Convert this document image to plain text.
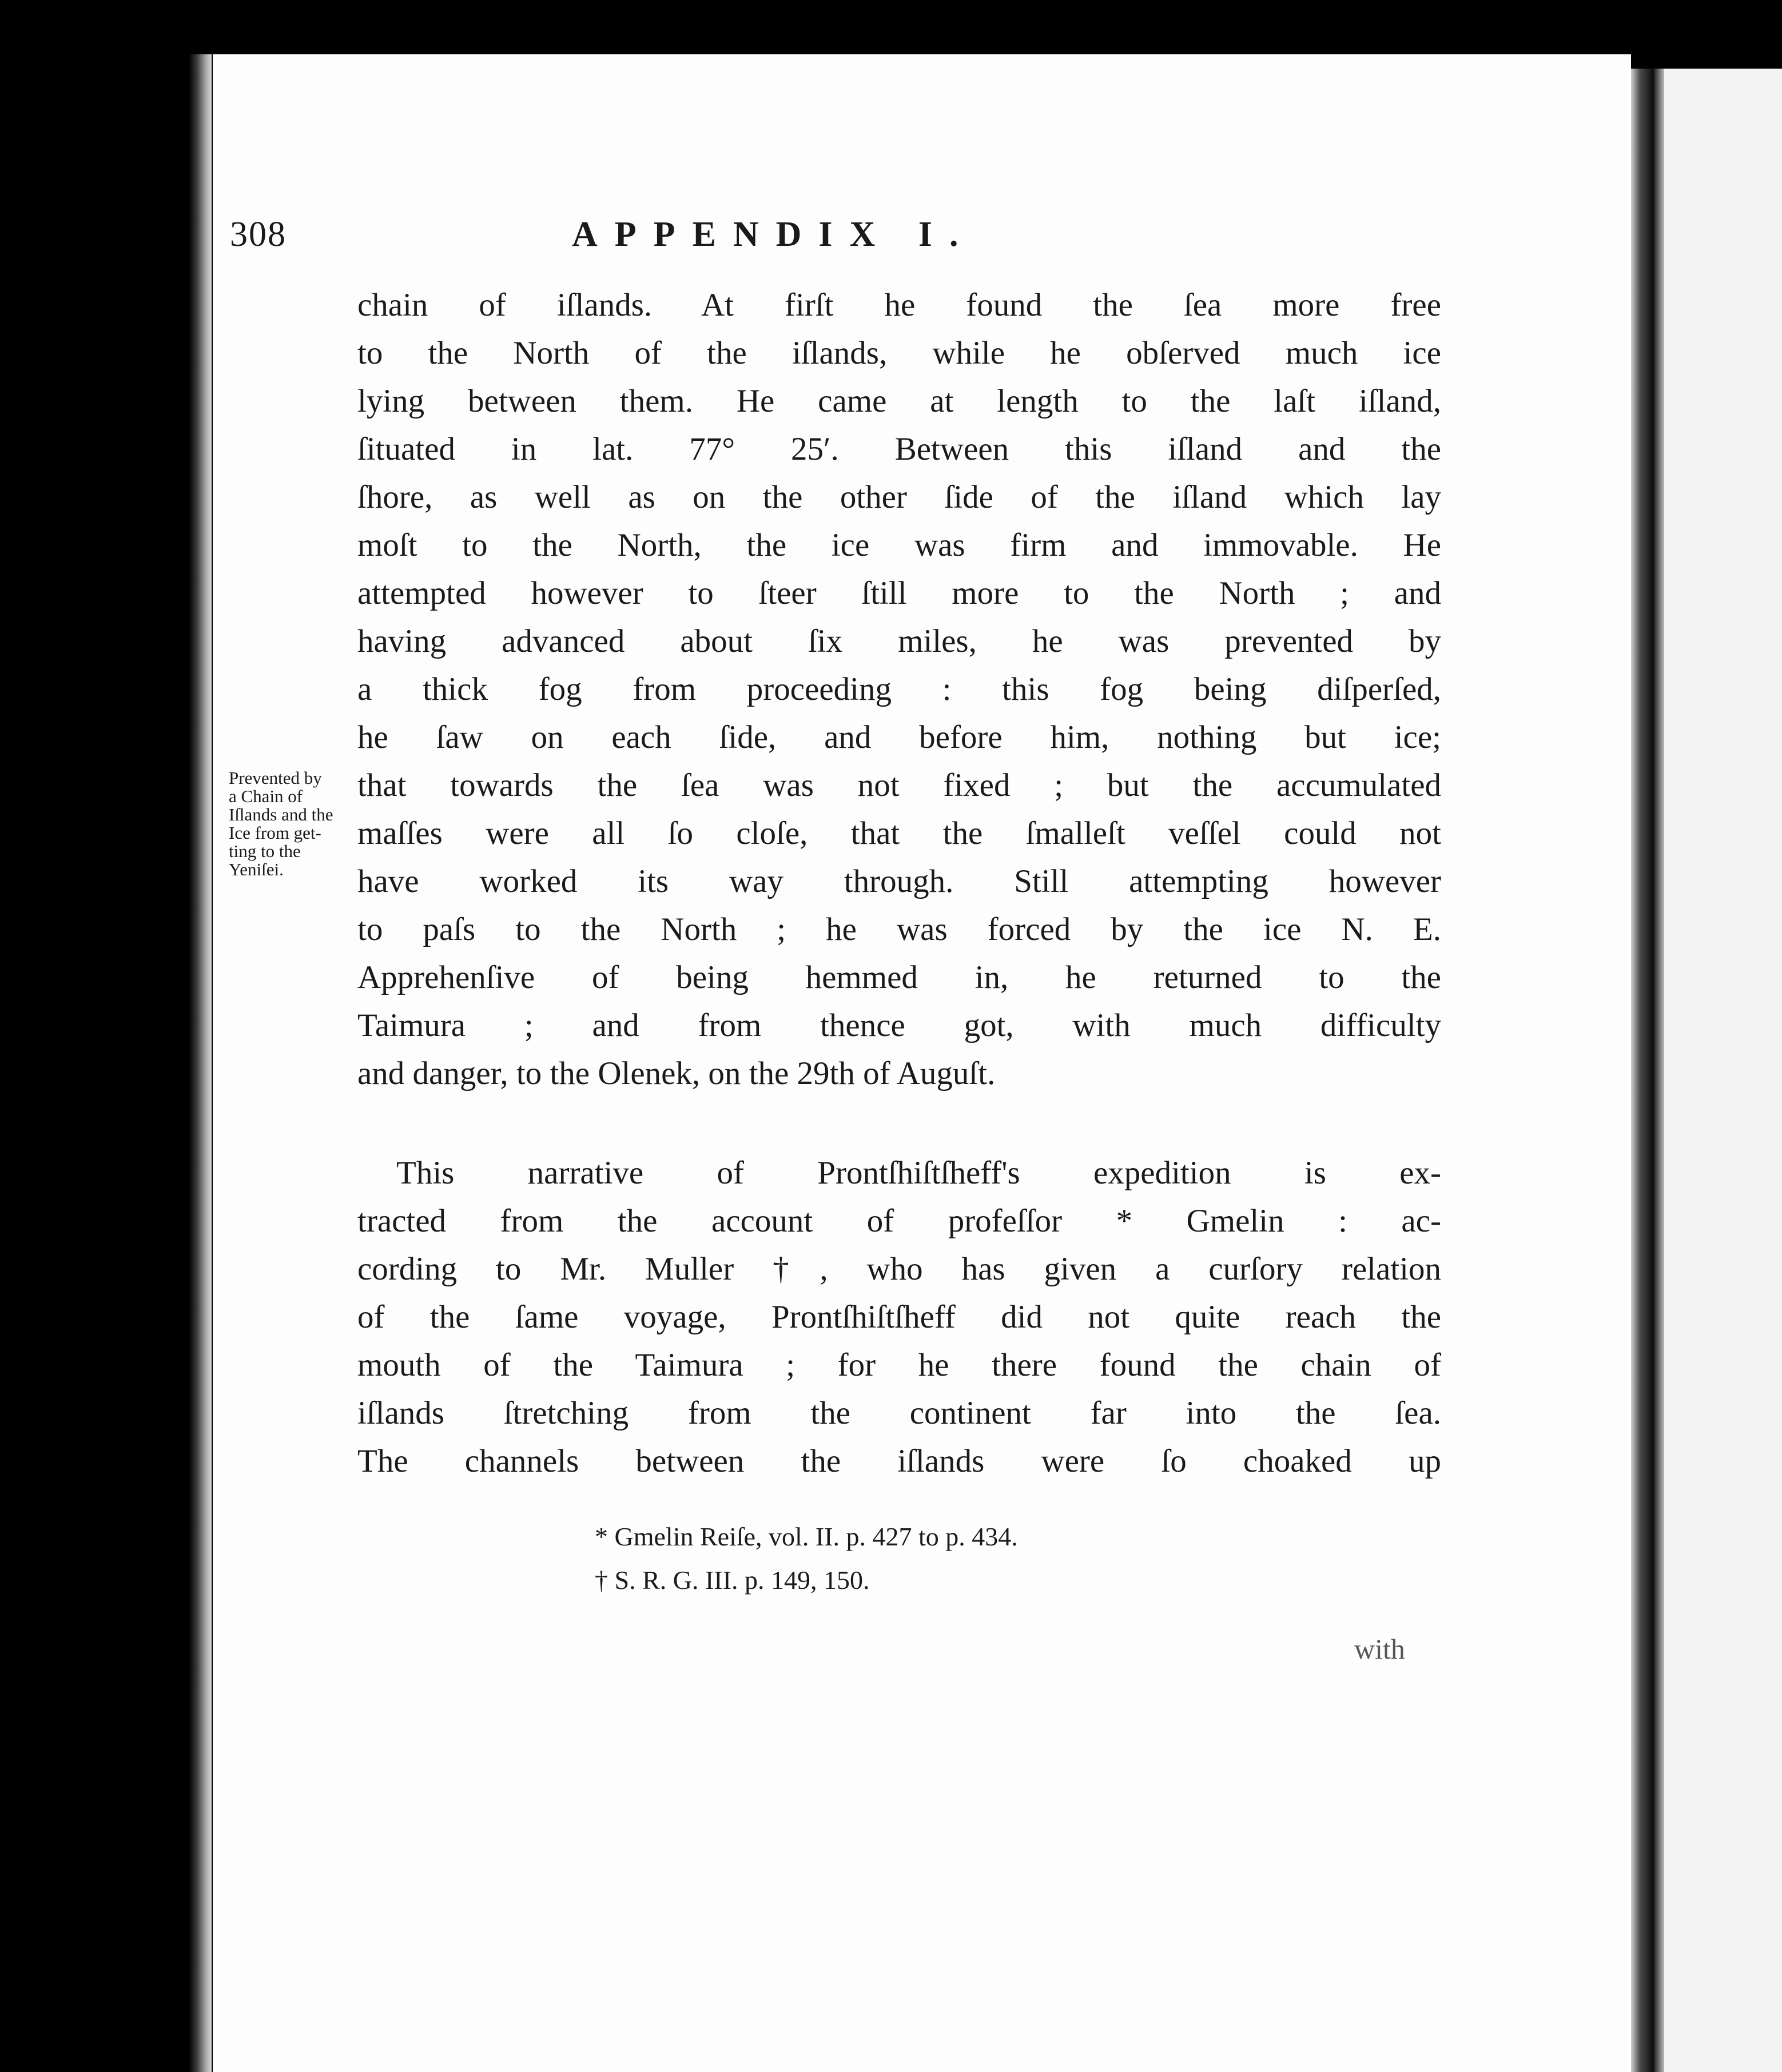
308	APPENDIX I.
chain of iſlands. At firſt he found the ſea more free
to the North of the iſlands, while he obſerved much ice
lying between them. He came at length to the laſt iſland,
ſituated in lat. 77° 25′. Between this iſland and the
ſhore, as well as on the other ſide of the iſland which lay
moſt to the North, the ice was firm and immovable. He
attempted however to ſteer ſtill more to the North ; and
having advanced about ſix miles, he was prevented by
a thick fog from proceeding : this fog being diſperſed,
he ſaw on each ſide, and before him, nothing but ice;
that towards the ſea was not fixed ; but the accumulated
maſſes were all ſo cloſe, that the ſmalleſt veſſel could not
have worked its way through. Still attempting however
to paſs to the North ; he was forced by the ice N. E.
Apprehenſive of being hemmed in, he returned to the
Taimura ; and from thence got, with much difficulty
and danger, to the Olenek, on the 29th of Auguſt.
Prevented by
a Chain of
Iſlands and the
Ice from get-
ting to the
Yeniſei.
This narrative of Prontſhiſtſheff's expedition is ex-
tracted from the account of profeſſor * Gmelin : ac-
cording to Mr. Muller †, who has given a curſory relation
of the ſame voyage, Prontſhiſtſheff did not quite reach the
mouth of the Taimura ; for he there found the chain of
iſlands ſtretching from the continent far into the ſea.
The channels between the iſlands were ſo choaked up
* Gmelin Reiſe, vol. II. p. 427 to p. 434.
† S. R. G. III. p. 149, 150.
with
